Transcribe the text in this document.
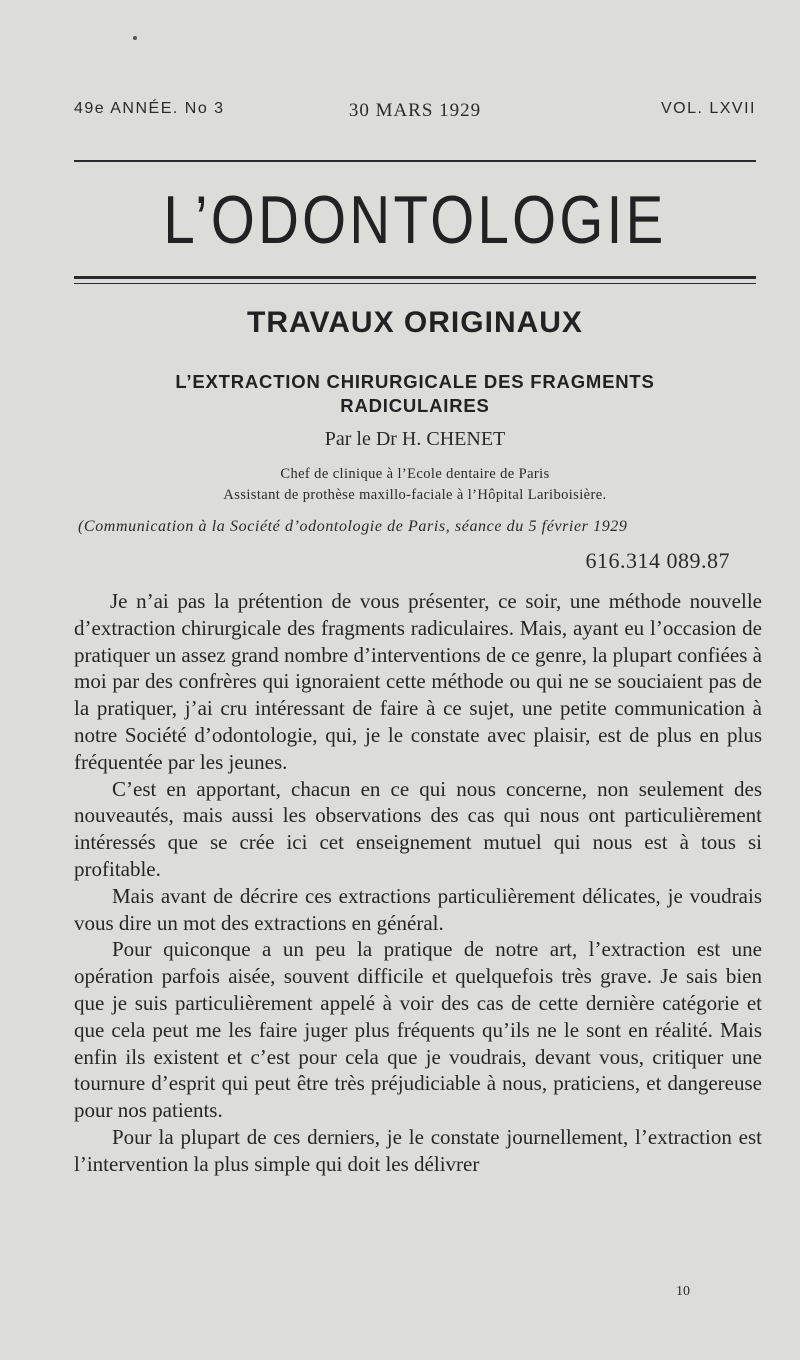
49e ANNÉE. No 3	30 MARS 1929	VOL. LXVII
L’ODONTOLOGIE
TRAVAUX ORIGINAUX
L’EXTRACTION CHIRURGICALE DES FRAGMENTS
RADICULAIRES
Par le Dr H. CHENET
Chef de clinique à l’Ecole dentaire de Paris
Assistant de prothèse maxillo-faciale à l’Hôpital Lariboisière.
(Communication à la Société d’odontologie de Paris, séance du 5 février 1929
616.314 089.87

Je n’ai pas la prétention de vous présenter, ce soir, une méthode nouvelle d’extraction chirurgicale des fragments radiculaires. Mais, ayant eu l’occasion de pratiquer un assez grand nombre d’interventions de ce genre, la plupart confiées à moi par des confrères qui ignoraient cette méthode ou qui ne se souciaient pas de la pratiquer, j’ai cru intéressant de faire à ce sujet, une petite communication à notre Société d’odontologie, qui, je le constate avec plaisir, est de plus en plus fréquentée par les jeunes.

C’est en apportant, chacun en ce qui nous concerne, non seulement des nouveautés, mais aussi les observations des cas qui nous ont particulièrement intéressés que se crée ici cet enseignement mutuel qui nous est à tous si profitable.

Mais avant de décrire ces extractions particulièrement délicates, je voudrais vous dire un mot des extractions en général.

Pour quiconque a un peu la pratique de notre art, l’extraction est une opération parfois aisée, souvent difficile et quelquefois très grave. Je sais bien que je suis particulièrement appelé à voir des cas de cette dernière catégorie et que cela peut me les faire juger plus fréquents qu’ils ne le sont en réalité. Mais enfin ils existent et c’est pour cela que je voudrais, devant vous, critiquer une tournure d’esprit qui peut être très préjudiciable à nous, praticiens, et dangereuse pour nos patients.

Pour la plupart de ces derniers, je le constate journellement, l’extraction est l’intervention la plus simple qui doit les délivrer

10
